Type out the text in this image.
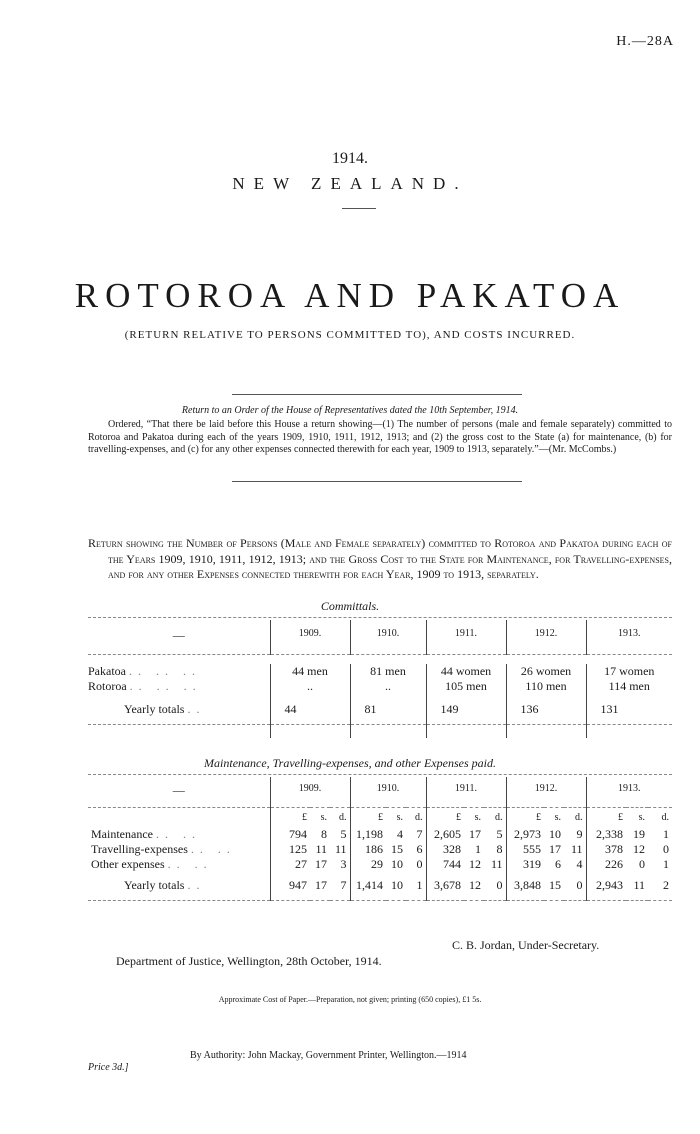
H.—28A
1914.
NEW ZEALAND.
ROTOROA AND PAKATOA
(RETURN RELATIVE TO PERSONS COMMITTED TO), AND COSTS INCURRED.
Return to an Order of the House of Representatives dated the 10th September, 1914.
Ordered, “That there be laid before this House a return showing—(1) The number of persons (male and female separately) committed to Rotoroa and Pakatoa during each of the years 1909, 1910, 1911, 1912, 1913; and (2) the gross cost to the State (a) for maintenance, (b) for travelling-expenses, and (c) for any other expenses connected therewith for each year, 1909 to 1913, separately.”—(Mr. McCombs.)
Return showing the Number of Persons (Male and Female separately) committed to Rotoroa and Pakatoa during each of the Years 1909, 1910, 1911, 1912, 1913; and the Gross Cost to the State for Maintenance, for Travelling-expenses, and for any other Expenses connected therewith for each Year, 1909 to 1913, separately.
Committals.
—	1909.	1910.	1911.	1912.	1913.

Pakatoa .. .. ..	44 men	81 men	44 women	26 women	17 women
Rotoroa .. .. ..	..	..	105 men	110 men	114 men

Yearly totals ..	44	81	149	136	131

Maintenance, Travelling-expenses, and other Expenses paid.
—	1909.			1910.			1911.			1912.			1913.		
	£	s.	d.	£	s.	d.	£	s.	d.	£	s.	d.	£	s.	d.
Maintenance .. ..	794	8	5	1,198	4	7	2,605	17	5	2,973	10	9	2,338	19	1
Travelling-expenses .. ..	125	11	11	186	15	6	328	1	8	555	17	11	378	12	0
Other expenses .. ..	27	17	3	29	10	0	744	12	11	319	6	4	226	0	1

Yearly totals ..	947	17	7	1,414	10	1	3,678	12	0	3,848	15	0	2,943	11	2

C. B. Jordan, Under-Secretary.
Department of Justice, Wellington, 28th October, 1914.
Approximate Cost of Paper.—Preparation, not given; printing (650 copies), £1 5s.
By Authority: John Mackay, Government Printer, Wellington.—1914
Price 3d.]
